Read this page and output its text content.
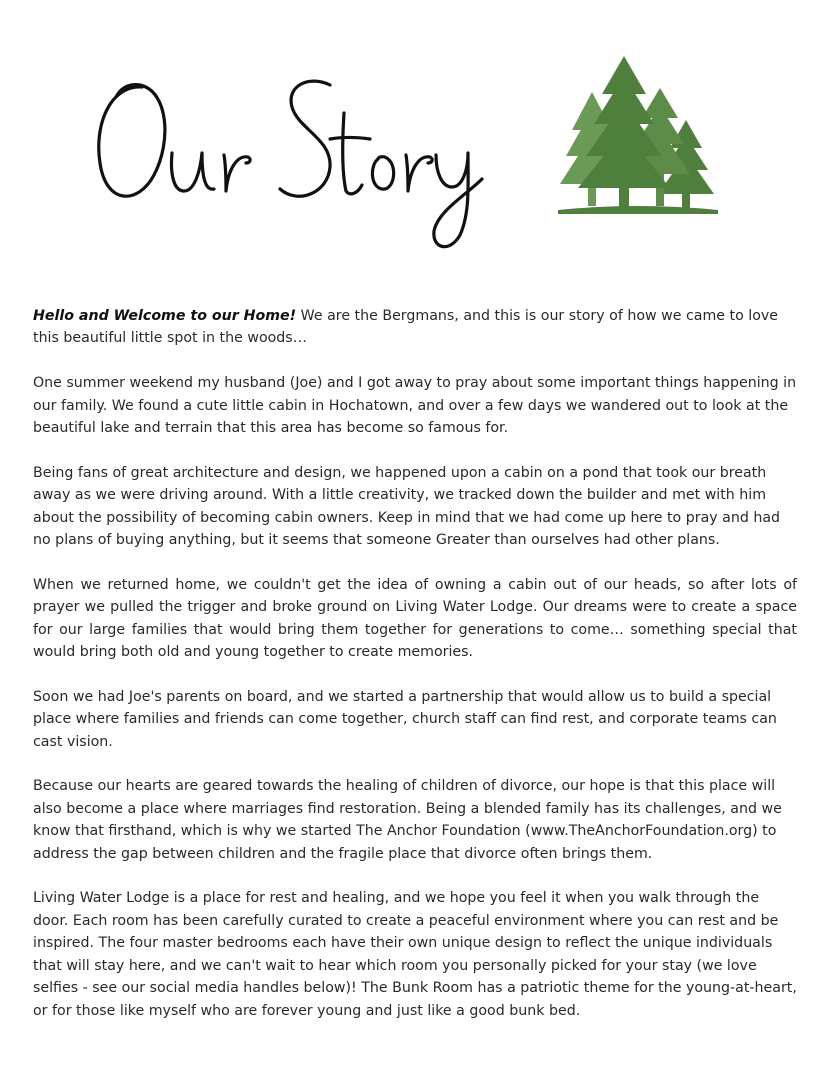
Hello and Welcome to our Home! We are the Bergmans, and this is our story of how we came to love this beautiful little spot in the woods…

One summer weekend my husband (Joe) and I got away to pray about some important things happening in our family. We found a cute little cabin in Hochatown, and over a few days we wandered out to look at the beautiful lake and terrain that this area has become so famous for.

Being fans of great architecture and design, we happened upon a cabin on a pond that took our breath away as we were driving around. With a little creativity, we tracked down the builder and met with him about the possibility of becoming cabin owners. Keep in mind that we had come up here to pray and had no plans of buying anything, but it seems that someone Greater than ourselves had other plans.

When we returned home, we couldn't get the idea of owning a cabin out of our heads, so after lots of prayer we pulled the trigger and broke ground on Living Water Lodge. Our dreams were to create a space for our large families that would bring them together for generations to come… something special that would bring both old and young together to create memories.

Soon we had Joe's parents on board, and we started a partnership that would allow us to build a special place where families and friends can come together, church staff can find rest, and corporate teams can cast vision.

Because our hearts are geared towards the healing of children of divorce, our hope is that this place will also become a place where marriages find restoration. Being a blended family has its challenges, and we know that firsthand, which is why we started The Anchor Foundation (www.TheAnchorFoundation.org) to address the gap between children and the fragile place that divorce often brings them.

Living Water Lodge is a place for rest and healing, and we hope you feel it when you walk through the door. Each room has been carefully curated to create a peaceful environment where you can rest and be inspired. The four master bedrooms each have their own unique design to reflect the unique individuals that will stay here, and we can't wait to hear which room you personally picked for your stay (we love selfies - see our social media handles below)! The Bunk Room has a patriotic theme for the young-at-heart, or for those like myself who are forever young and just like a good bunk bed.
